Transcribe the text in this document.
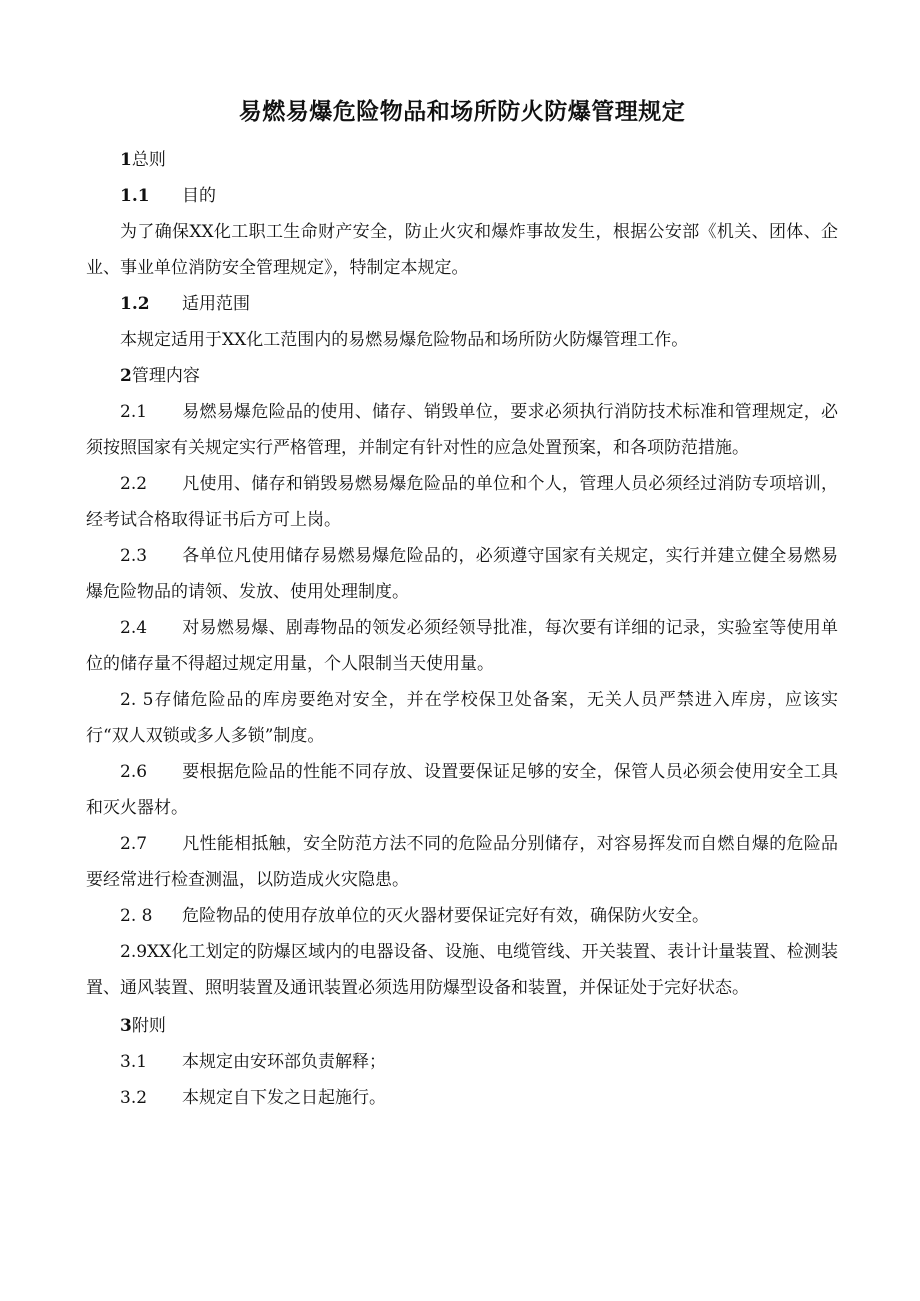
易燃易爆危险物品和场所防火防爆管理规定
1总则
1.1 目的

为了确保XX化工职工生命财产安全，防止火灾和爆炸事故发生，根据公安部《机关、团体、企业、事业单位消防安全管理规定》，特制定本规定。

1.2 适用范围

本规定适用于XX化工范围内的易燃易爆危险物品和场所防火防爆管理工作。

2管理内容

2.1 易燃易爆危险品的使用、储存、销毁单位，要求必须执行消防技术标准和管理规定，必须按照国家有关规定实行严格管理，并制定有针对性的应急处置预案，和各项防范措施。

2.2 凡使用、储存和销毁易燃易爆危险品的单位和个人，管理人员必须经过消防专项培训，经考试合格取得证书后方可上岗。

2.3 各单位凡使用储存易燃易爆危险品的，必须遵守国家有关规定，实行并建立健全易燃易爆危险物品的请领、发放、使用处理制度。

2.4 对易燃易爆、剧毒物品的领发必须经领导批准，每次要有详细的记录，实验室等使用单位的储存量不得超过规定用量，个人限制当天使用量。

2. 5存储危险品的库房要绝对安全，并在学校保卫处备案，无关人员严禁进入库房，应该实行“双人双锁或多人多锁”制度。

2.6 要根据危险品的性能不同存放、设置要保证足够的安全，保管人员必须会使用安全工具和灭火器材。

2.7 凡性能相抵触，安全防范方法不同的危险品分别储存，对容易挥发而自燃自爆的危险品要经常进行检查测温，以防造成火灾隐患。

2. 8 危险物品的使用存放单位的灭火器材要保证完好有效，确保防火安全。

2.9XX化工划定的防爆区域内的电器设备、设施、电缆管线、开关装置、表计计量装置、检测装置、通风装置、照明装置及通讯装置必须选用防爆型设备和装置，并保证处于完好状态。

3附则

3.1 本规定由安环部负责解释；

3.2 本规定自下发之日起施行。
